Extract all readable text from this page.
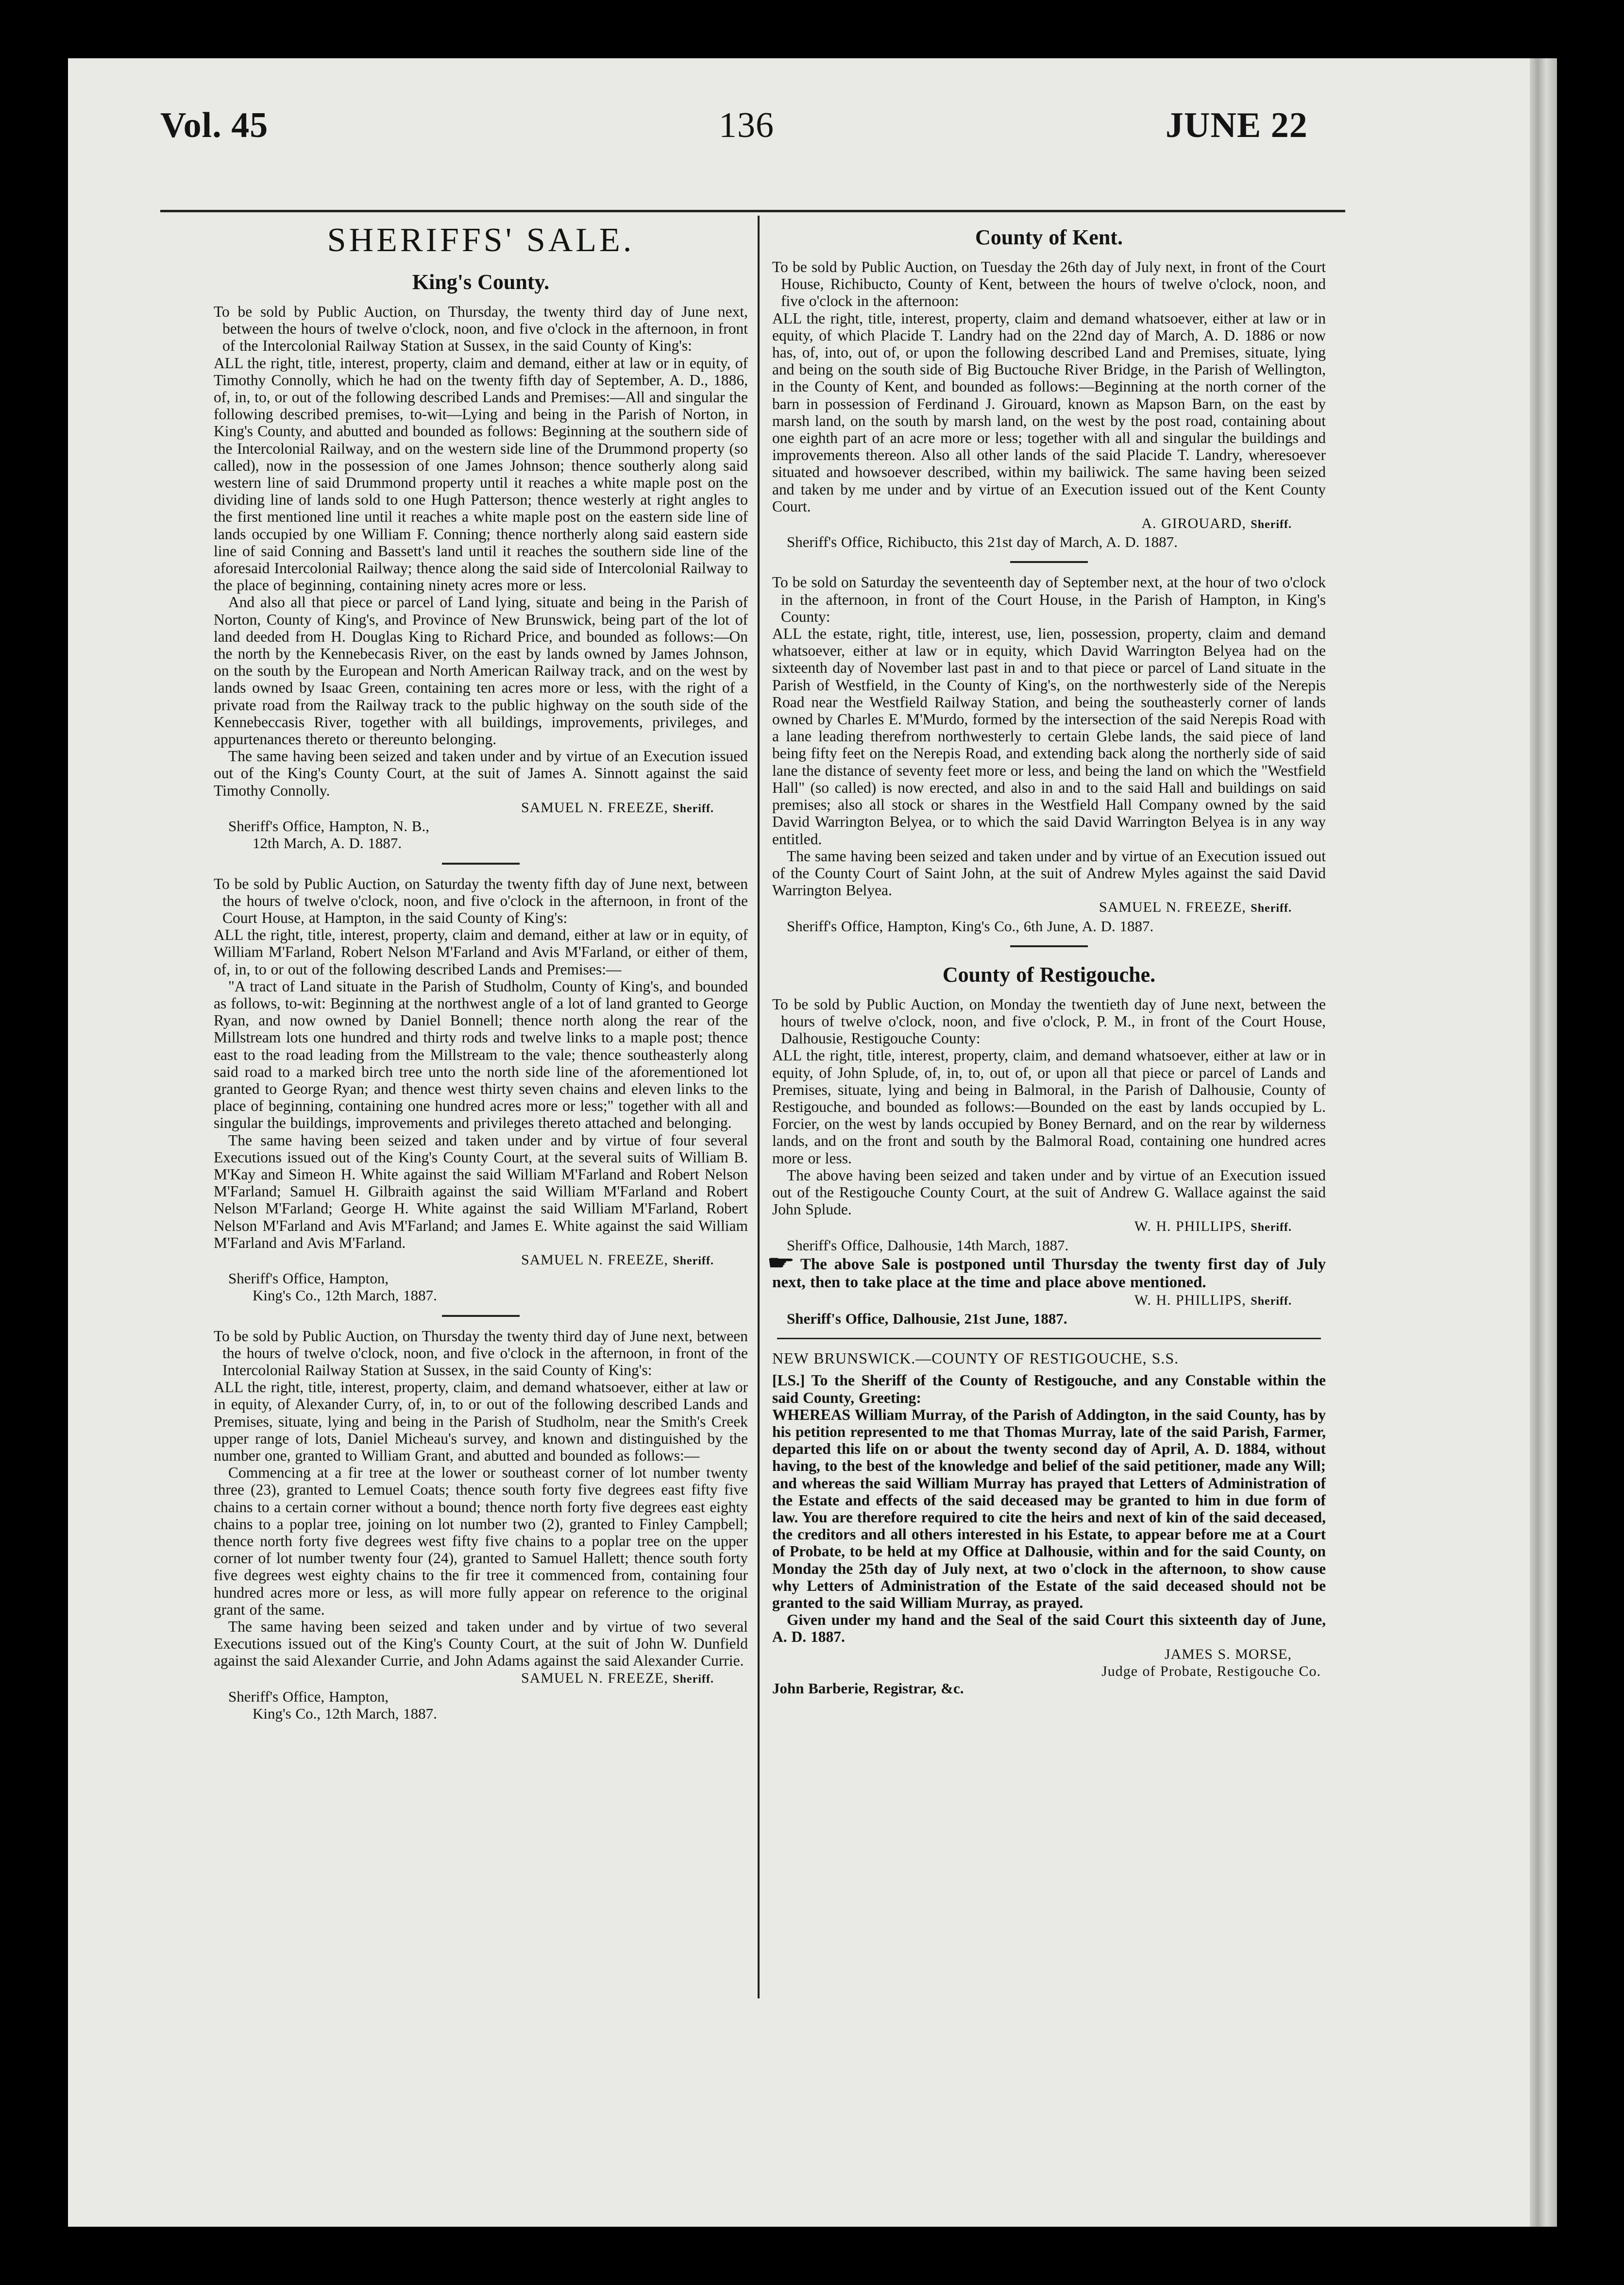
Vol. 45	136	JUNE 22
SHERIFFS' SALE.
King's County.

To be sold by Public Auction, on Thursday, the twenty third day of June next, between the hours of twelve o'clock, noon, and five o'clock in the afternoon, in front of the Intercolonial Railway Station at Sussex, in the said County of King's:

ALL the right, title, interest, property, claim and demand, either at law or in equity, of Timothy Connolly, which he had on the twenty fifth day of September, A. D., 1886, of, in, to, or out of the following described Lands and Premises:—All and singular the following described premises, to-wit—Lying and being in the Parish of Norton, in King's County, and abutted and bounded as follows: Beginning at the southern side of the Intercolonial Railway, and on the western side line of the Drummond property (so called), now in the possession of one James Johnson; thence southerly along said western line of said Drummond property until it reaches a white maple post on the dividing line of lands sold to one Hugh Patterson; thence westerly at right angles to the first mentioned line until it reaches a white maple post on the eastern side line of lands occupied by one William F. Conning; thence northerly along said eastern side line of said Conning and Bassett's land until it reaches the southern side line of the aforesaid Intercolonial Railway; thence along the said side of Intercolonial Railway to the place of beginning, containing ninety acres more or less.

And also all that piece or parcel of Land lying, situate and being in the Parish of Norton, County of King's, and Province of New Brunswick, being part of the lot of land deeded from H. Douglas King to Richard Price, and bounded as follows:—On the north by the Kennebecasis River, on the east by lands owned by James Johnson, on the south by the European and North American Railway track, and on the west by lands owned by Isaac Green, containing ten acres more or less, with the right of a private road from the Railway track to the public highway on the south side of the Kennebeccasis River, together with all buildings, improvements, privileges, and appurtenances thereto or thereunto belonging.

The same having been seized and taken under and by virtue of an Execution issued out of the King's County Court, at the suit of James A. Sinnott against the said Timothy Connolly.

SAMUEL N. FREEZE, Sheriff.
Sheriff's Office, Hampton, N. B.,
12th March, A. D. 1887.

To be sold by Public Auction, on Saturday the twenty fifth day of June next, between the hours of twelve o'clock, noon, and five o'clock in the afternoon, in front of the Court House, at Hampton, in the said County of King's:

ALL the right, title, interest, property, claim and demand, either at law or in equity, of William M'Farland, Robert Nelson M'Farland and Avis M'Farland, or either of them, of, in, to or out of the following described Lands and Premises:—

"A tract of Land situate in the Parish of Studholm, County of King's, and bounded as follows, to-wit: Beginning at the northwest angle of a lot of land granted to George Ryan, and now owned by Daniel Bonnell; thence north along the rear of the Millstream lots one hundred and thirty rods and twelve links to a maple post; thence east to the road leading from the Millstream to the vale; thence southeasterly along said road to a marked birch tree unto the north side line of the aforementioned lot granted to George Ryan; and thence west thirty seven chains and eleven links to the place of beginning, containing one hundred acres more or less;" together with all and singular the buildings, improvements and privileges thereto attached and belonging.

The same having been seized and taken under and by virtue of four several Executions issued out of the King's County Court, at the several suits of William B. M'Kay and Simeon H. White against the said William M'Farland and Robert Nelson M'Farland; Samuel H. Gilbraith against the said William M'Farland and Robert Nelson M'Farland; George H. White against the said William M'Farland, Robert Nelson M'Farland and Avis M'Farland; and James E. White against the said William M'Farland and Avis M'Farland.

SAMUEL N. FREEZE, Sheriff.
Sheriff's Office, Hampton,
King's Co., 12th March, 1887.

To be sold by Public Auction, on Thursday the twenty third day of June next, between the hours of twelve o'clock, noon, and five o'clock in the afternoon, in front of the Intercolonial Railway Station at Sussex, in the said County of King's:

ALL the right, title, interest, property, claim, and demand whatsoever, either at law or in equity, of Alexander Curry, of, in, to or out of the following described Lands and Premises, situate, lying and being in the Parish of Studholm, near the Smith's Creek upper range of lots, Daniel Micheau's survey, and known and distinguished by the number one, granted to William Grant, and abutted and bounded as follows:—

Commencing at a fir tree at the lower or southeast corner of lot number twenty three (23), granted to Lemuel Coats; thence south forty five degrees east fifty five chains to a certain corner without a bound; thence north forty five degrees east eighty chains to a poplar tree, joining on lot number two (2), granted to Finley Campbell; thence north forty five degrees west fifty five chains to a poplar tree on the upper corner of lot number twenty four (24), granted to Samuel Hallett; thence south forty five degrees west eighty chains to the fir tree it commenced from, containing four hundred acres more or less, as will more fully appear on reference to the original grant of the same.

The same having been seized and taken under and by virtue of two several Executions issued out of the King's County Court, at the suit of John W. Dunfield against the said Alexander Currie, and John Adams against the said Alexander Currie.

SAMUEL N. FREEZE, Sheriff.
Sheriff's Office, Hampton,
King's Co., 12th March, 1887.
County of Kent.

To be sold by Public Auction, on Tuesday the 26th day of July next, in front of the Court House, Richibucto, County of Kent, between the hours of twelve o'clock, noon, and five o'clock in the afternoon:

ALL the right, title, interest, property, claim and demand whatsoever, either at law or in equity, of which Placide T. Landry had on the 22nd day of March, A. D. 1886 or now has, of, into, out of, or upon the following described Land and Premises, situate, lying and being on the south side of Big Buctouche River Bridge, in the Parish of Wellington, in the County of Kent, and bounded as follows:—Beginning at the north corner of the barn in possession of Ferdinand J. Girouard, known as Mapson Barn, on the east by marsh land, on the south by marsh land, on the west by the post road, containing about one eighth part of an acre more or less; together with all and singular the buildings and improvements thereon. Also all other lands of the said Placide T. Landry, wheresoever situated and howsoever described, within my bailiwick. The same having been seized and taken by me under and by virtue of an Execution issued out of the Kent County Court.

A. GIROUARD, Sheriff.
Sheriff's Office, Richibucto, this 21st day of March, A. D. 1887.

To be sold on Saturday the seventeenth day of September next, at the hour of two o'clock in the afternoon, in front of the Court House, in the Parish of Hampton, in King's County:

ALL the estate, right, title, interest, use, lien, possession, property, claim and demand whatsoever, either at law or in equity, which David Warrington Belyea had on the sixteenth day of November last past in and to that piece or parcel of Land situate in the Parish of Westfield, in the County of King's, on the northwesterly side of the Nerepis Road near the Westfield Railway Station, and being the southeasterly corner of lands owned by Charles E. M'Murdo, formed by the intersection of the said Nerepis Road with a lane leading therefrom northwesterly to certain Glebe lands, the said piece of land being fifty feet on the Nerepis Road, and extending back along the northerly side of said lane the distance of seventy feet more or less, and being the land on which the "Westfield Hall" (so called) is now erected, and also in and to the said Hall and buildings on said premises; also all stock or shares in the Westfield Hall Company owned by the said David Warrington Belyea, or to which the said David Warrington Belyea is in any way entitled.

The same having been seized and taken under and by virtue of an Execution issued out of the County Court of Saint John, at the suit of Andrew Myles against the said David Warrington Belyea.

SAMUEL N. FREEZE, Sheriff.
Sheriff's Office, Hampton, King's Co., 6th June, A. D. 1887.
County of Restigouche.

To be sold by Public Auction, on Monday the twentieth day of June next, between the hours of twelve o'clock, noon, and five o'clock, P. M., in front of the Court House, Dalhousie, Restigouche County:

ALL the right, title, interest, property, claim, and demand whatsoever, either at law or in equity, of John Splude, of, in, to, out of, or upon all that piece or parcel of Lands and Premises, situate, lying and being in Balmoral, in the Parish of Dalhousie, County of Restigouche, and bounded as follows:—Bounded on the east by lands occupied by L. Forcier, on the west by lands occupied by Boney Bernard, and on the rear by wilderness lands, and on the front and south by the Balmoral Road, containing one hundred acres more or less.

The above having been seized and taken under and by virtue of an Execution issued out of the Restigouche County Court, at the suit of Andrew G. Wallace against the said John Splude.

W. H. PHILLIPS, Sheriff.
Sheriff's Office, Dalhousie, 14th March, 1887.

☛ The above Sale is postponed until Thursday the twenty first day of July next, then to take place at the time and place above mentioned.

W. H. PHILLIPS, Sheriff.
Sheriff's Office, Dalhousie, 21st June, 1887.
NEW BRUNSWICK.—COUNTY OF RESTIGOUCHE, S.S.

[LS.] To the Sheriff of the County of Restigouche, and any Constable within the said County, Greeting:

WHEREAS William Murray, of the Parish of Addington, in the said County, has by his petition represented to me that Thomas Murray, late of the said Parish, Farmer, departed this life on or about the twenty second day of April, A. D. 1884, without having, to the best of the knowledge and belief of the said petitioner, made any Will; and whereas the said William Murray has prayed that Letters of Administration of the Estate and effects of the said deceased may be granted to him in due form of law. You are therefore required to cite the heirs and next of kin of the said deceased, the creditors and all others interested in his Estate, to appear before me at a Court of Probate, to be held at my Office at Dalhousie, within and for the said County, on Monday the 25th day of July next, at two o'clock in the afternoon, to show cause why Letters of Administration of the Estate of the said deceased should not be granted to the said William Murray, as prayed.

Given under my hand and the Seal of the said Court this sixteenth day of June, A. D. 1887.

JAMES S. MORSE,
Judge of Probate, Restigouche Co.
John Barberie, Registrar, &c.
